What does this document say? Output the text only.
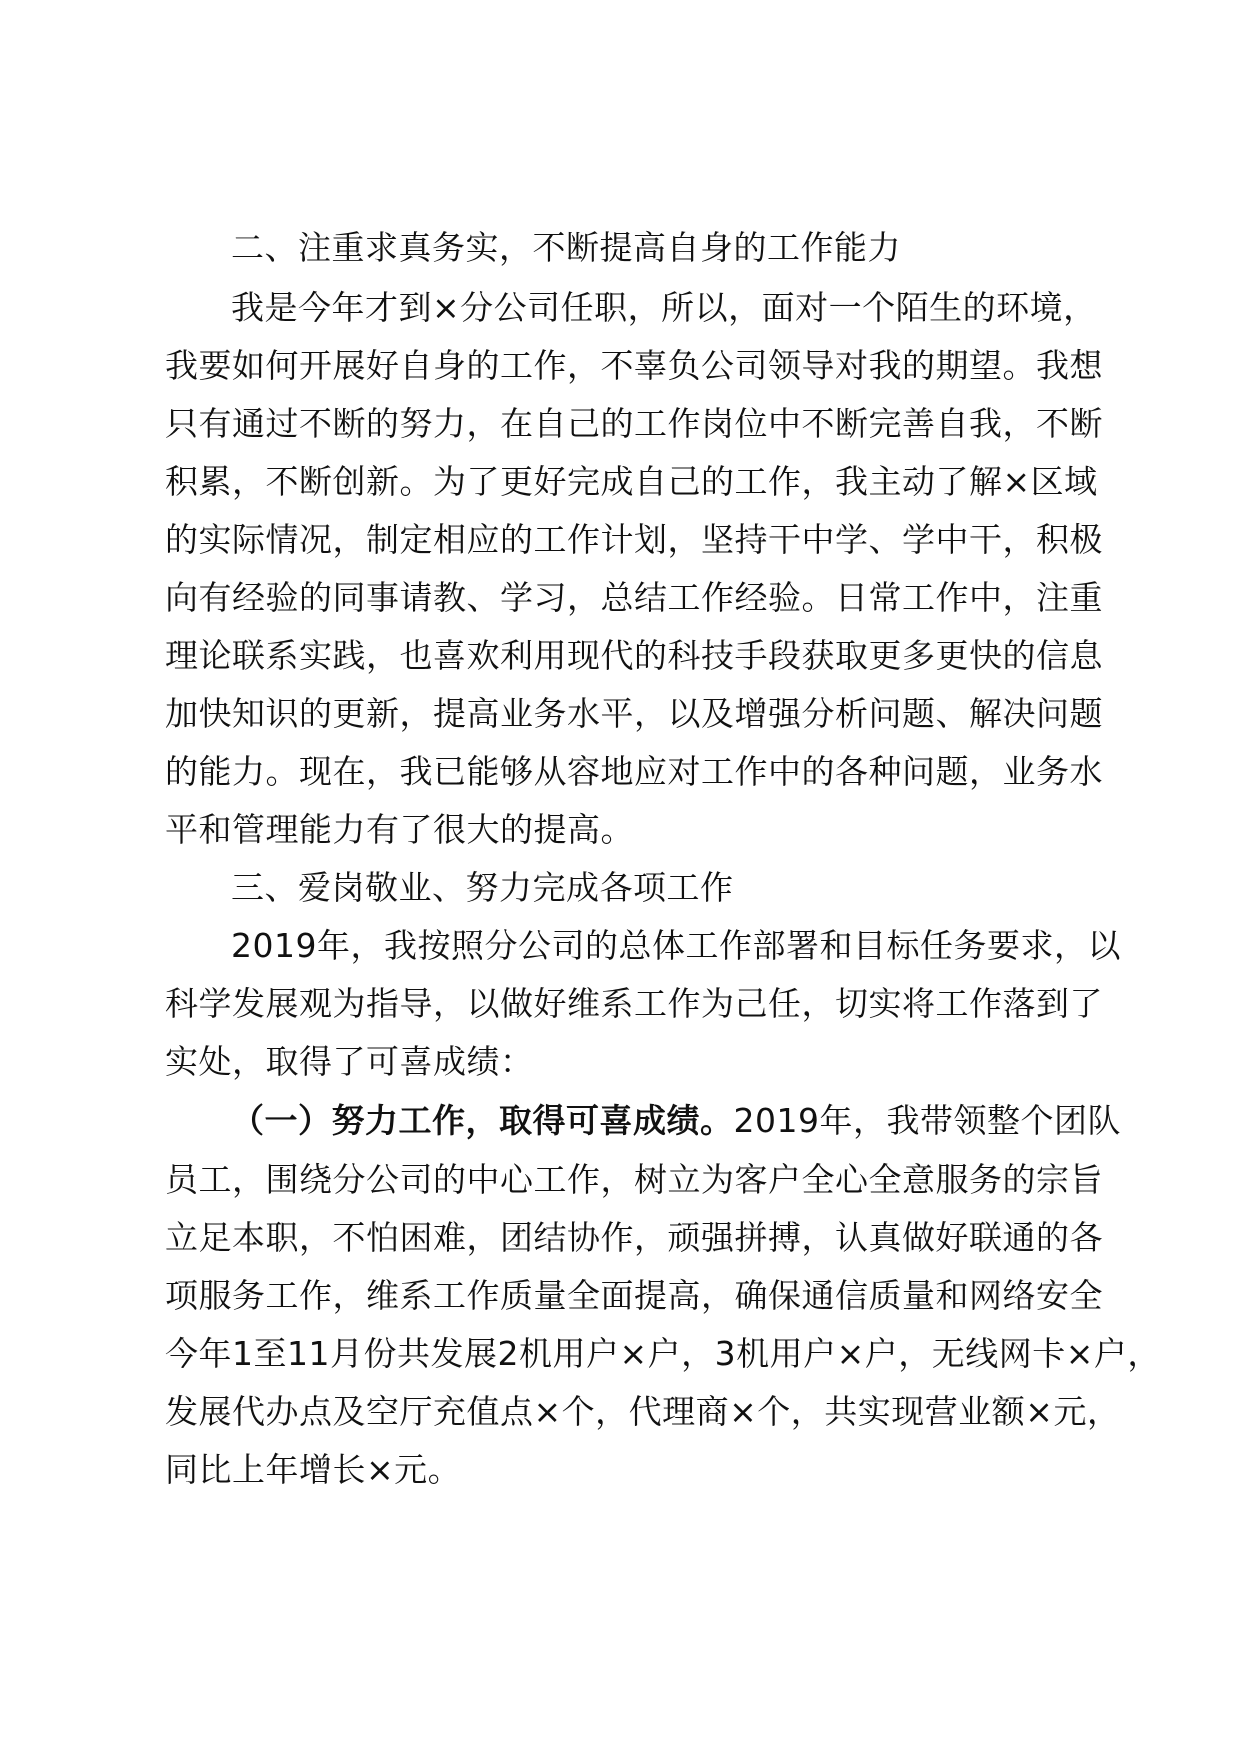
二、注重求真务实，不断提高自身的工作能力
我是今年才到×分公司任职，所以，面对一个陌生的环境，
我要如何开展好自身的工作，不辜负公司领导对我的期望。我想
只有通过不断的努力，在自己的工作岗位中不断完善自我，不断
积累，不断创新。为了更好完成自己的工作，我主动了解×区域
的实际情况，制定相应的工作计划，坚持干中学、学中干，积极
向有经验的同事请教、学习，总结工作经验。日常工作中，注重
理论联系实践，也喜欢利用现代的科技手段获取更多更快的信息
加快知识的更新，提高业务水平，以及增强分析问题、解决问题
的能力。现在，我已能够从容地应对工作中的各种问题，业务水
平和管理能力有了很大的提高。
三、爱岗敬业、努力完成各项工作
2019年，我按照分公司的总体工作部署和目标任务要求，以
科学发展观为指导，以做好维系工作为己任，切实将工作落到了
实处，取得了可喜成绩：
（一）努力工作，取得可喜成绩。2019年，我带领整个团队
员工，围绕分公司的中心工作，树立为客户全心全意服务的宗旨
立足本职，不怕困难，团结协作，顽强拼搏，认真做好联通的各
项服务工作，维系工作质量全面提高，确保通信质量和网络安全
今年1至11月份共发展2机用户×户，3机用户×户，无线网卡×户，
发展代办点及空厅充值点×个，代理商×个，共实现营业额×元，
同比上年增长×元。
